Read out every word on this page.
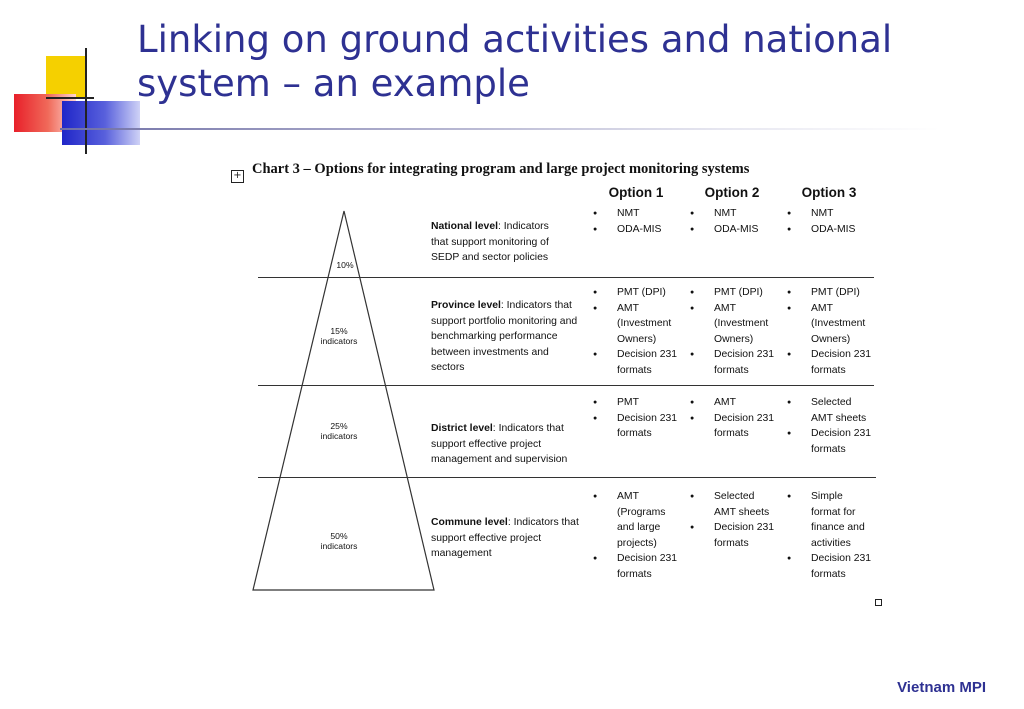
Linking on ground activities and national
system – an example
+ Chart 3 – Options for integrating program and large project monitoring systems
Option 1	Option 2	Option 3
10%
15%
indicators
25%
indicators
50%
indicators
National level: Indicators that support monitoring of SEDP and sector policies
Province level: Indicators that support portfolio monitoring and benchmarking performance between investments and sectors
District level: Indicators that support effective project management and supervision
Commune level: Indicators that support effective project management
● NMT
● ODA-MIS
● NMT
● ODA-MIS
● NMT
● ODA-MIS
● PMT (DPI)
● AMT (Investment Owners)
● Decision 231 formats
● PMT (DPI)
● AMT (Investment Owners)
● Decision 231 formats
● PMT (DPI)
● AMT (Investment Owners)
● Decision 231 formats
● PMT
● Decision 231 formats
● AMT
● Decision 231 formats
● Selected AMT sheets
● Decision 231 formats
● AMT (Programs and large projects)
● Decision 231 formats
● Selected AMT sheets
● Decision 231 formats
● Simple format for finance and activities
● Decision 231 formats
Vietnam MPI
